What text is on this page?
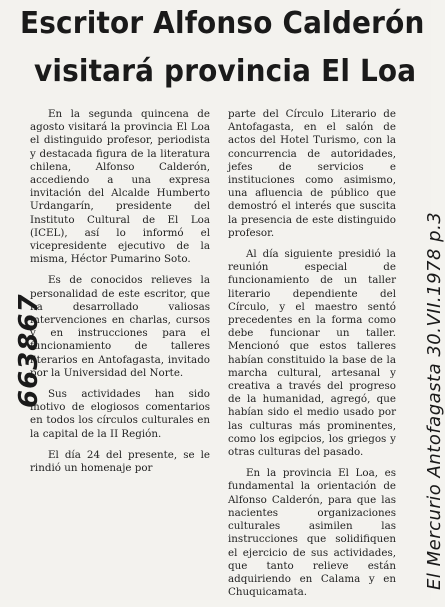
Escritor Alfonso Calderón
visitará provincia El Loa

En la segunda quincena de agosto visitará la provincia El Loa el distinguido profesor, periodista y destacada figura de la literatura chilena, Alfonso Calderón, accediendo a una expresa invitación del Alcalde Humberto Urdangarín, presidente del Instituto Cultural de El Loa (ICEL), así lo informó el vicepresidente ejecutivo de la misma, Héctor Pumarino Soto.

Es de conocidos relieves la personalidad de este escritor, que ha desarrollado valiosas intervenciones en charlas, cursos y en instrucciones para el funcionamiento de talleres literarios en Antofagasta, invitado por la Universidad del Norte.

Sus actividades han sido motivo de elogiosos comentarios en todos los círculos culturales en la capital de la II Región.

El día 24 del presente, se le rindió un homenaje por

parte del Círculo Literario de Antofagasta, en el salón de actos del Hotel Turismo, con la concurrencia de autoridades, jefes de servicios e instituciones como asimismo, una afluencia de público que demostró el interés que suscita la presencia de este distinguido profesor.

Al día siguiente presidió la reunión especial de funcionamiento de un taller literario dependiente del Círculo, y el maestro sentó precedentes en la forma como debe funcionar un taller. Mencionó que estos talleres habían constituido la base de la marcha cultural, artesanal y creativa a través del progreso de la humanidad, agregó, que habían sido el medio usado por las culturas más prominentes, como los egipcios, los griegos y otras culturas del pasado.

En la provincia El Loa, es fundamental la orientación de Alfonso Calderón, para que las nacientes organizaciones culturales asimilen las instrucciones que solidifiquen el ejercicio de sus actividades, que tanto relieve están adquiriendo en Calama y en Chuquicamata.

El Mercurio Antofagasta 30.VII.1978 p.3
663867
